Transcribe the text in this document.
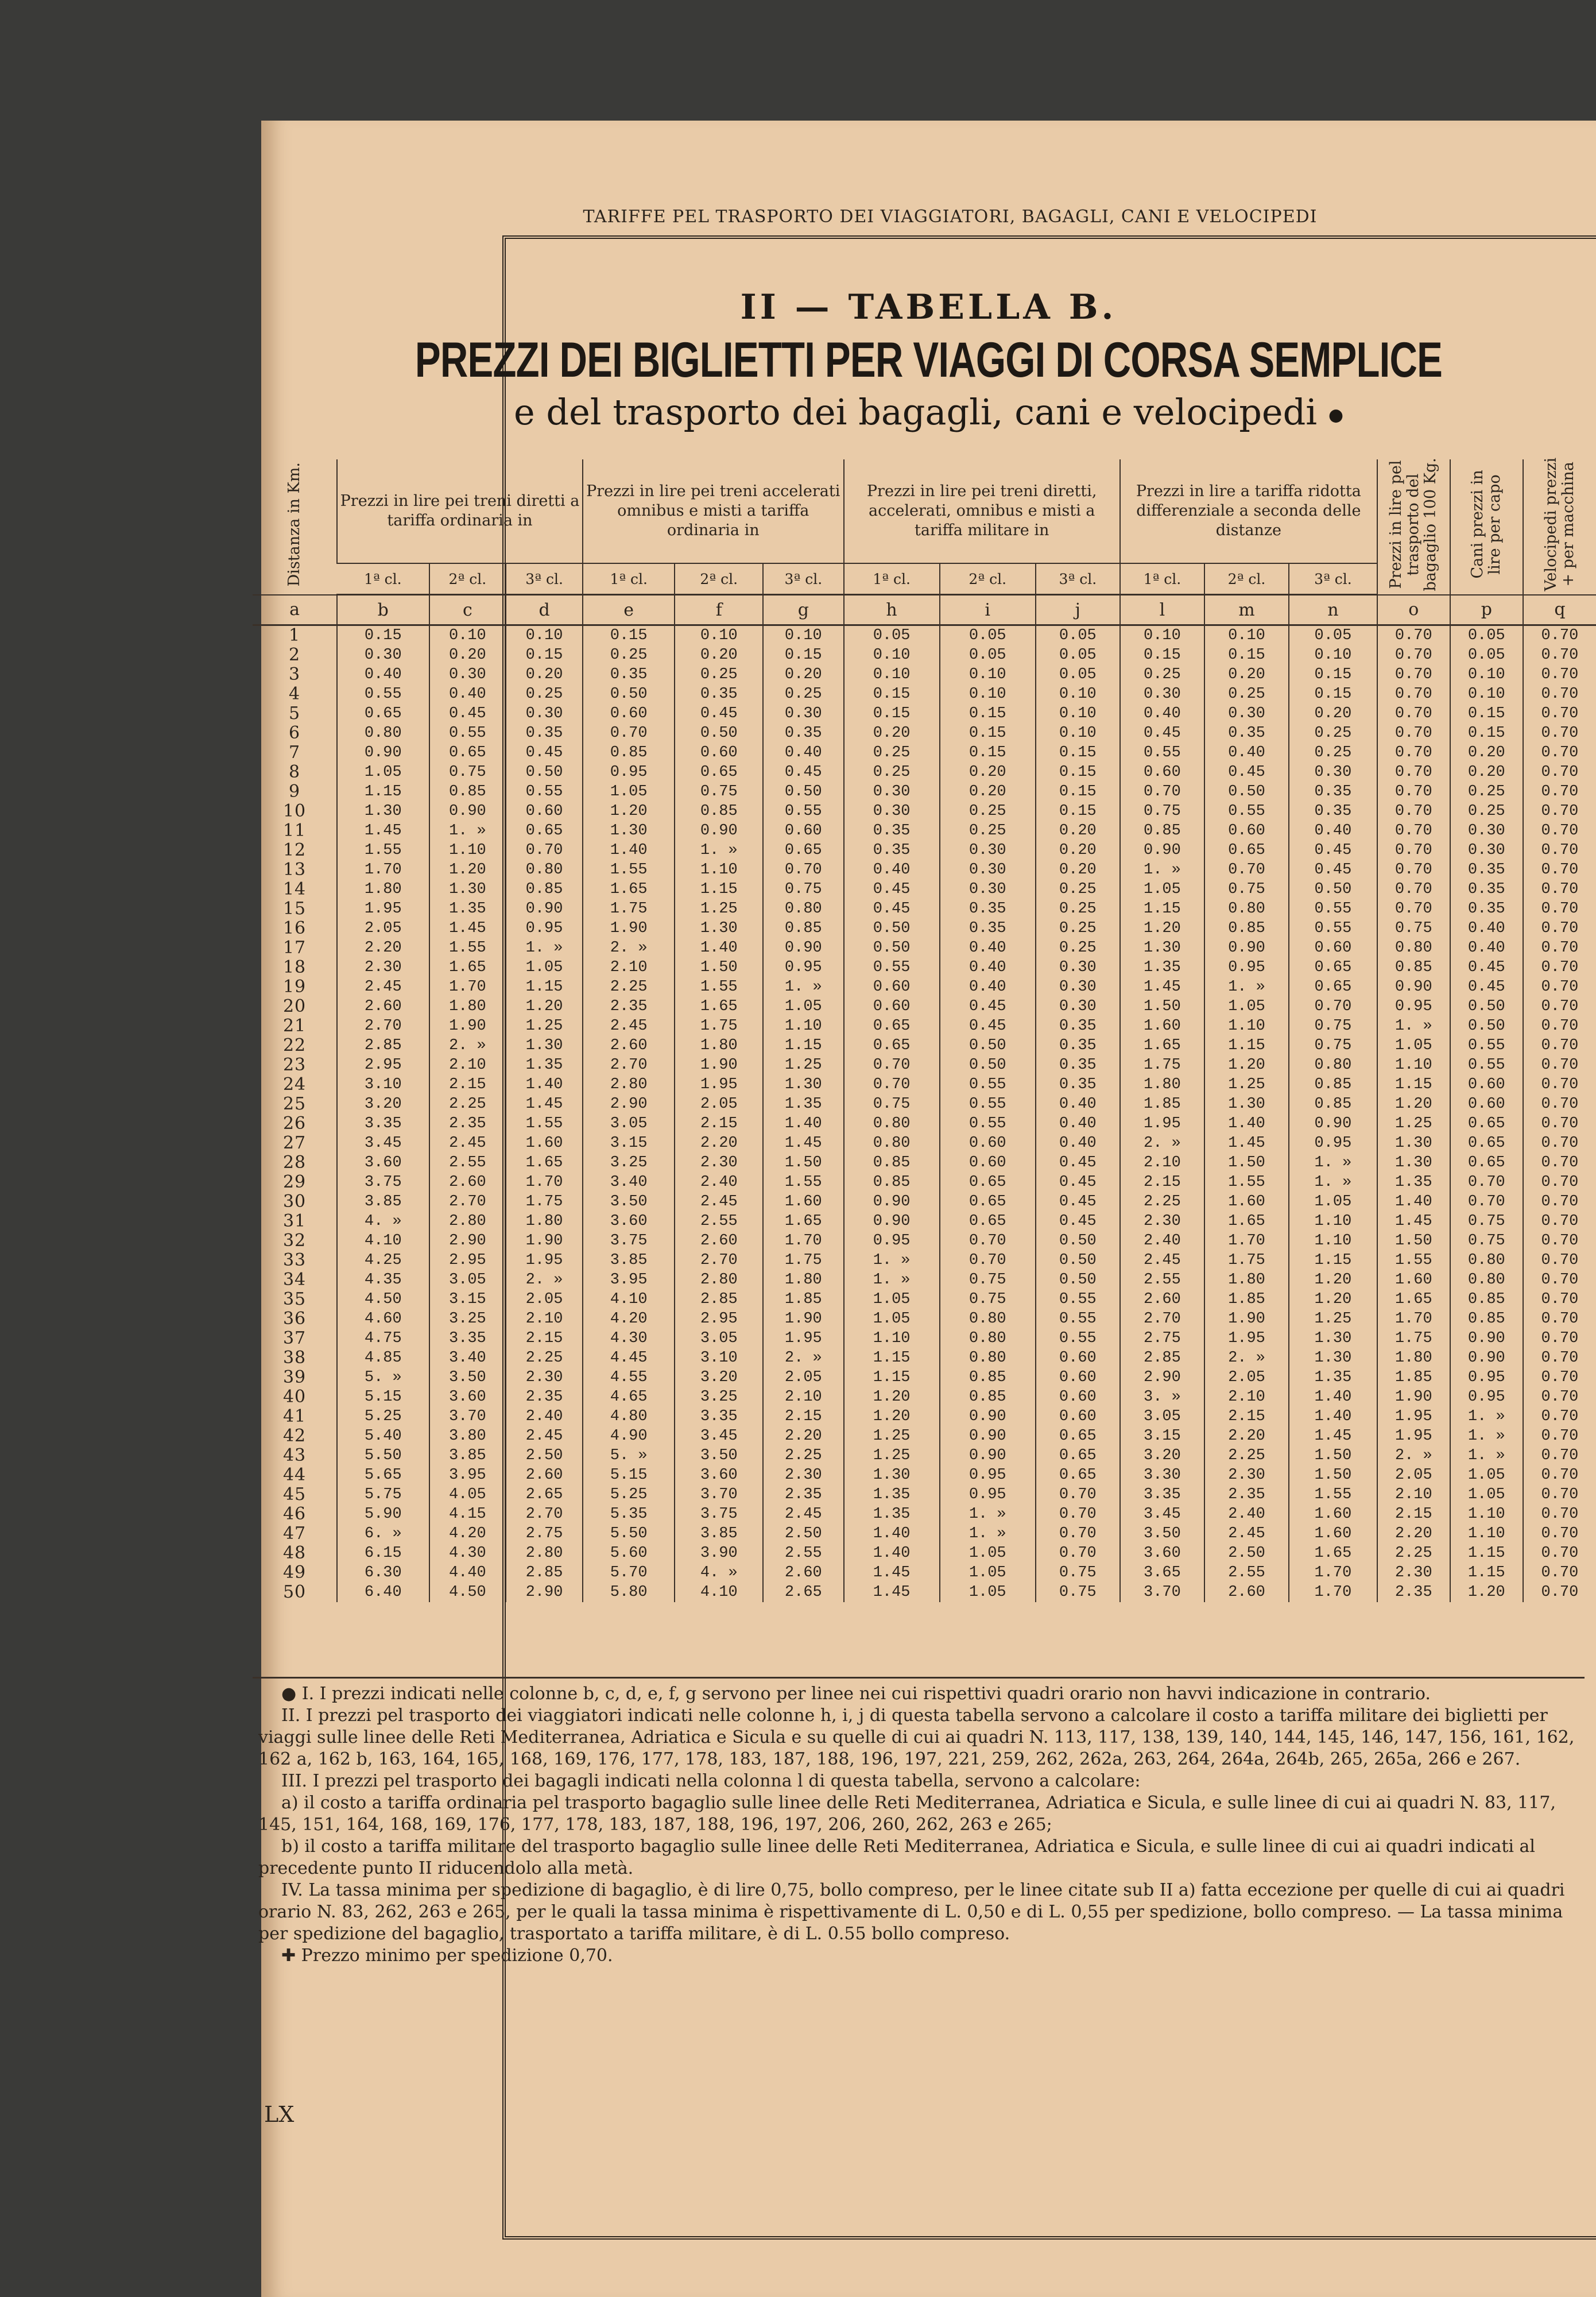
TARIFFE PEL TRASPORTO DEI VIAGGIATORI, BAGAGLI, CANI E VELOCIPEDI
II — TABELLA B.
PREZZI DEI BIGLIETTI PER VIAGGI DI CORSA SEMPLICE
e del trasporto dei bagagli, cani e velocipedi ●
Distanza in Km.	Prezzi in lire pei treni diretti a tariffa ordinaria in			Prezzi in lire pei treni accelerati omnibus e misti a tariffa ordinaria in			Prezzi in lire pei treni diretti, accelerati, omnibus e misti a tariffa militare in			Prezzi in lire a tariffa ridotta differenziale a seconda delle distanze			Prezzi in lire pel trasporto del bagaglio 100 Kg.	Cani prezzi in lire per capo	Velocipedi prezzi + per macchina
	1ª cl.	2ª cl.	3ª cl.	1ª cl.	2ª cl.	3ª cl.	1ª cl.	2ª cl.	3ª cl.	1ª cl.	2ª cl.	3ª cl.			
a	b	c	d	e	f	g	h	i	j	l	m	n	o	p	q
1	0.15	0.10	0.10	0.15	0.10	0.10	0.05	0.05	0.05	0.10	0.10	0.05	0.70	0.05	0.70
2	0.30	0.20	0.15	0.25	0.20	0.15	0.10	0.05	0.05	0.15	0.15	0.10	0.70	0.05	0.70
3	0.40	0.30	0.20	0.35	0.25	0.20	0.10	0.10	0.05	0.25	0.20	0.15	0.70	0.10	0.70
4	0.55	0.40	0.25	0.50	0.35	0.25	0.15	0.10	0.10	0.30	0.25	0.15	0.70	0.10	0.70
5	0.65	0.45	0.30	0.60	0.45	0.30	0.15	0.15	0.10	0.40	0.30	0.20	0.70	0.15	0.70
6	0.80	0.55	0.35	0.70	0.50	0.35	0.20	0.15	0.10	0.45	0.35	0.25	0.70	0.15	0.70
7	0.90	0.65	0.45	0.85	0.60	0.40	0.25	0.15	0.15	0.55	0.40	0.25	0.70	0.20	0.70
8	1.05	0.75	0.50	0.95	0.65	0.45	0.25	0.20	0.15	0.60	0.45	0.30	0.70	0.20	0.70
9	1.15	0.85	0.55	1.05	0.75	0.50	0.30	0.20	0.15	0.70	0.50	0.35	0.70	0.25	0.70
10	1.30	0.90	0.60	1.20	0.85	0.55	0.30	0.25	0.15	0.75	0.55	0.35	0.70	0.25	0.70
11	1.45	1. »	0.65	1.30	0.90	0.60	0.35	0.25	0.20	0.85	0.60	0.40	0.70	0.30	0.70
12	1.55	1.10	0.70	1.40	1. »	0.65	0.35	0.30	0.20	0.90	0.65	0.45	0.70	0.30	0.70
13	1.70	1.20	0.80	1.55	1.10	0.70	0.40	0.30	0.20	1. »	0.70	0.45	0.70	0.35	0.70
14	1.80	1.30	0.85	1.65	1.15	0.75	0.45	0.30	0.25	1.05	0.75	0.50	0.70	0.35	0.70
15	1.95	1.35	0.90	1.75	1.25	0.80	0.45	0.35	0.25	1.15	0.80	0.55	0.70	0.35	0.70
16	2.05	1.45	0.95	1.90	1.30	0.85	0.50	0.35	0.25	1.20	0.85	0.55	0.75	0.40	0.70
17	2.20	1.55	1. »	2. »	1.40	0.90	0.50	0.40	0.25	1.30	0.90	0.60	0.80	0.40	0.70
18	2.30	1.65	1.05	2.10	1.50	0.95	0.55	0.40	0.30	1.35	0.95	0.65	0.85	0.45	0.70
19	2.45	1.70	1.15	2.25	1.55	1. »	0.60	0.40	0.30	1.45	1. »	0.65	0.90	0.45	0.70
20	2.60	1.80	1.20	2.35	1.65	1.05	0.60	0.45	0.30	1.50	1.05	0.70	0.95	0.50	0.70
21	2.70	1.90	1.25	2.45	1.75	1.10	0.65	0.45	0.35	1.60	1.10	0.75	1. »	0.50	0.70
22	2.85	2. »	1.30	2.60	1.80	1.15	0.65	0.50	0.35	1.65	1.15	0.75	1.05	0.55	0.70
23	2.95	2.10	1.35	2.70	1.90	1.25	0.70	0.50	0.35	1.75	1.20	0.80	1.10	0.55	0.70
24	3.10	2.15	1.40	2.80	1.95	1.30	0.70	0.55	0.35	1.80	1.25	0.85	1.15	0.60	0.70
25	3.20	2.25	1.45	2.90	2.05	1.35	0.75	0.55	0.40	1.85	1.30	0.85	1.20	0.60	0.70
26	3.35	2.35	1.55	3.05	2.15	1.40	0.80	0.55	0.40	1.95	1.40	0.90	1.25	0.65	0.70
27	3.45	2.45	1.60	3.15	2.20	1.45	0.80	0.60	0.40	2. »	1.45	0.95	1.30	0.65	0.70
28	3.60	2.55	1.65	3.25	2.30	1.50	0.85	0.60	0.45	2.10	1.50	1. »	1.30	0.65	0.70
29	3.75	2.60	1.70	3.40	2.40	1.55	0.85	0.65	0.45	2.15	1.55	1. »	1.35	0.70	0.70
30	3.85	2.70	1.75	3.50	2.45	1.60	0.90	0.65	0.45	2.25	1.60	1.05	1.40	0.70	0.70
31	4. »	2.80	1.80	3.60	2.55	1.65	0.90	0.65	0.45	2.30	1.65	1.10	1.45	0.75	0.70
32	4.10	2.90	1.90	3.75	2.60	1.70	0.95	0.70	0.50	2.40	1.70	1.10	1.50	0.75	0.70
33	4.25	2.95	1.95	3.85	2.70	1.75	1. »	0.70	0.50	2.45	1.75	1.15	1.55	0.80	0.70
34	4.35	3.05	2. »	3.95	2.80	1.80	1. »	0.75	0.50	2.55	1.80	1.20	1.60	0.80	0.70
35	4.50	3.15	2.05	4.10	2.85	1.85	1.05	0.75	0.55	2.60	1.85	1.20	1.65	0.85	0.70
36	4.60	3.25	2.10	4.20	2.95	1.90	1.05	0.80	0.55	2.70	1.90	1.25	1.70	0.85	0.70
37	4.75	3.35	2.15	4.30	3.05	1.95	1.10	0.80	0.55	2.75	1.95	1.30	1.75	0.90	0.70
38	4.85	3.40	2.25	4.45	3.10	2. »	1.15	0.80	0.60	2.85	2. »	1.30	1.80	0.90	0.70
39	5. »	3.50	2.30	4.55	3.20	2.05	1.15	0.85	0.60	2.90	2.05	1.35	1.85	0.95	0.70
40	5.15	3.60	2.35	4.65	3.25	2.10	1.20	0.85	0.60	3. »	2.10	1.40	1.90	0.95	0.70
41	5.25	3.70	2.40	4.80	3.35	2.15	1.20	0.90	0.60	3.05	2.15	1.40	1.95	1. »	0.70
42	5.40	3.80	2.45	4.90	3.45	2.20	1.25	0.90	0.65	3.15	2.20	1.45	1.95	1. »	0.70
43	5.50	3.85	2.50	5. »	3.50	2.25	1.25	0.90	0.65	3.20	2.25	1.50	2. »	1. »	0.70
44	5.65	3.95	2.60	5.15	3.60	2.30	1.30	0.95	0.65	3.30	2.30	1.50	2.05	1.05	0.70
45	5.75	4.05	2.65	5.25	3.70	2.35	1.35	0.95	0.70	3.35	2.35	1.55	2.10	1.05	0.70
46	5.90	4.15	2.70	5.35	3.75	2.45	1.35	1. »	0.70	3.45	2.40	1.60	2.15	1.10	0.70
47	6. »	4.20	2.75	5.50	3.85	2.50	1.40	1. »	0.70	3.50	2.45	1.60	2.20	1.10	0.70
48	6.15	4.30	2.80	5.60	3.90	2.55	1.40	1.05	0.70	3.60	2.50	1.65	2.25	1.15	0.70
49	6.30	4.40	2.85	5.70	4. »	2.60	1.45	1.05	0.75	3.65	2.55	1.70	2.30	1.15	0.70
50	6.40	4.50	2.90	5.80	4.10	2.65	1.45	1.05	0.75	3.70	2.60	1.70	2.35	1.20	0.70

● I. I prezzi indicati nelle colonne b, c, d, e, f, g servono per linee nei cui rispettivi quadri orario non havvi indicazione in contrario.

II. I prezzi pel trasporto dei viaggiatori indicati nelle colonne h, i, j di questa tabella servono a calcolare il costo a tariffa militare dei biglietti per viaggi sulle linee delle Reti Mediterranea, Adriatica e Sicula e su quelle di cui ai quadri N. 113, 117, 138, 139, 140, 144, 145, 146, 147, 156, 161, 162, 162 a, 162 b, 163, 164, 165, 168, 169, 176, 177, 178, 183, 187, 188, 196, 197, 221, 259, 262, 262a, 263, 264, 264a, 264b, 265, 265a, 266 e 267.

III. I prezzi pel trasporto dei bagagli indicati nella colonna l di questa tabella, servono a calcolare:

a) il costo a tariffa ordinaria pel trasporto bagaglio sulle linee delle Reti Mediterranea, Adriatica e Sicula, e sulle linee di cui ai quadri N. 83, 117, 145, 151, 164, 168, 169, 176, 177, 178, 183, 187, 188, 196, 197, 206, 260, 262, 263 e 265;

b) il costo a tariffa militare del trasporto bagaglio sulle linee delle Reti Mediterranea, Adriatica e Sicula, e sulle linee di cui ai quadri indicati al precedente punto II riducendolo alla metà.

IV. La tassa minima per spedizione di bagaglio, è di lire 0,75, bollo compreso, per le linee citate sub II a) fatta eccezione per quelle di cui ai quadri orario N. 83, 262, 263 e 265, per le quali la tassa minima è rispettivamente di L. 0,50 e di L. 0,55 per spedizione, bollo compreso. — La tassa minima per spedizione del bagaglio, trasportato a tariffa militare, è di L. 0.55 bollo compreso.

✚ Prezzo minimo per spedizione 0,70.

LX
